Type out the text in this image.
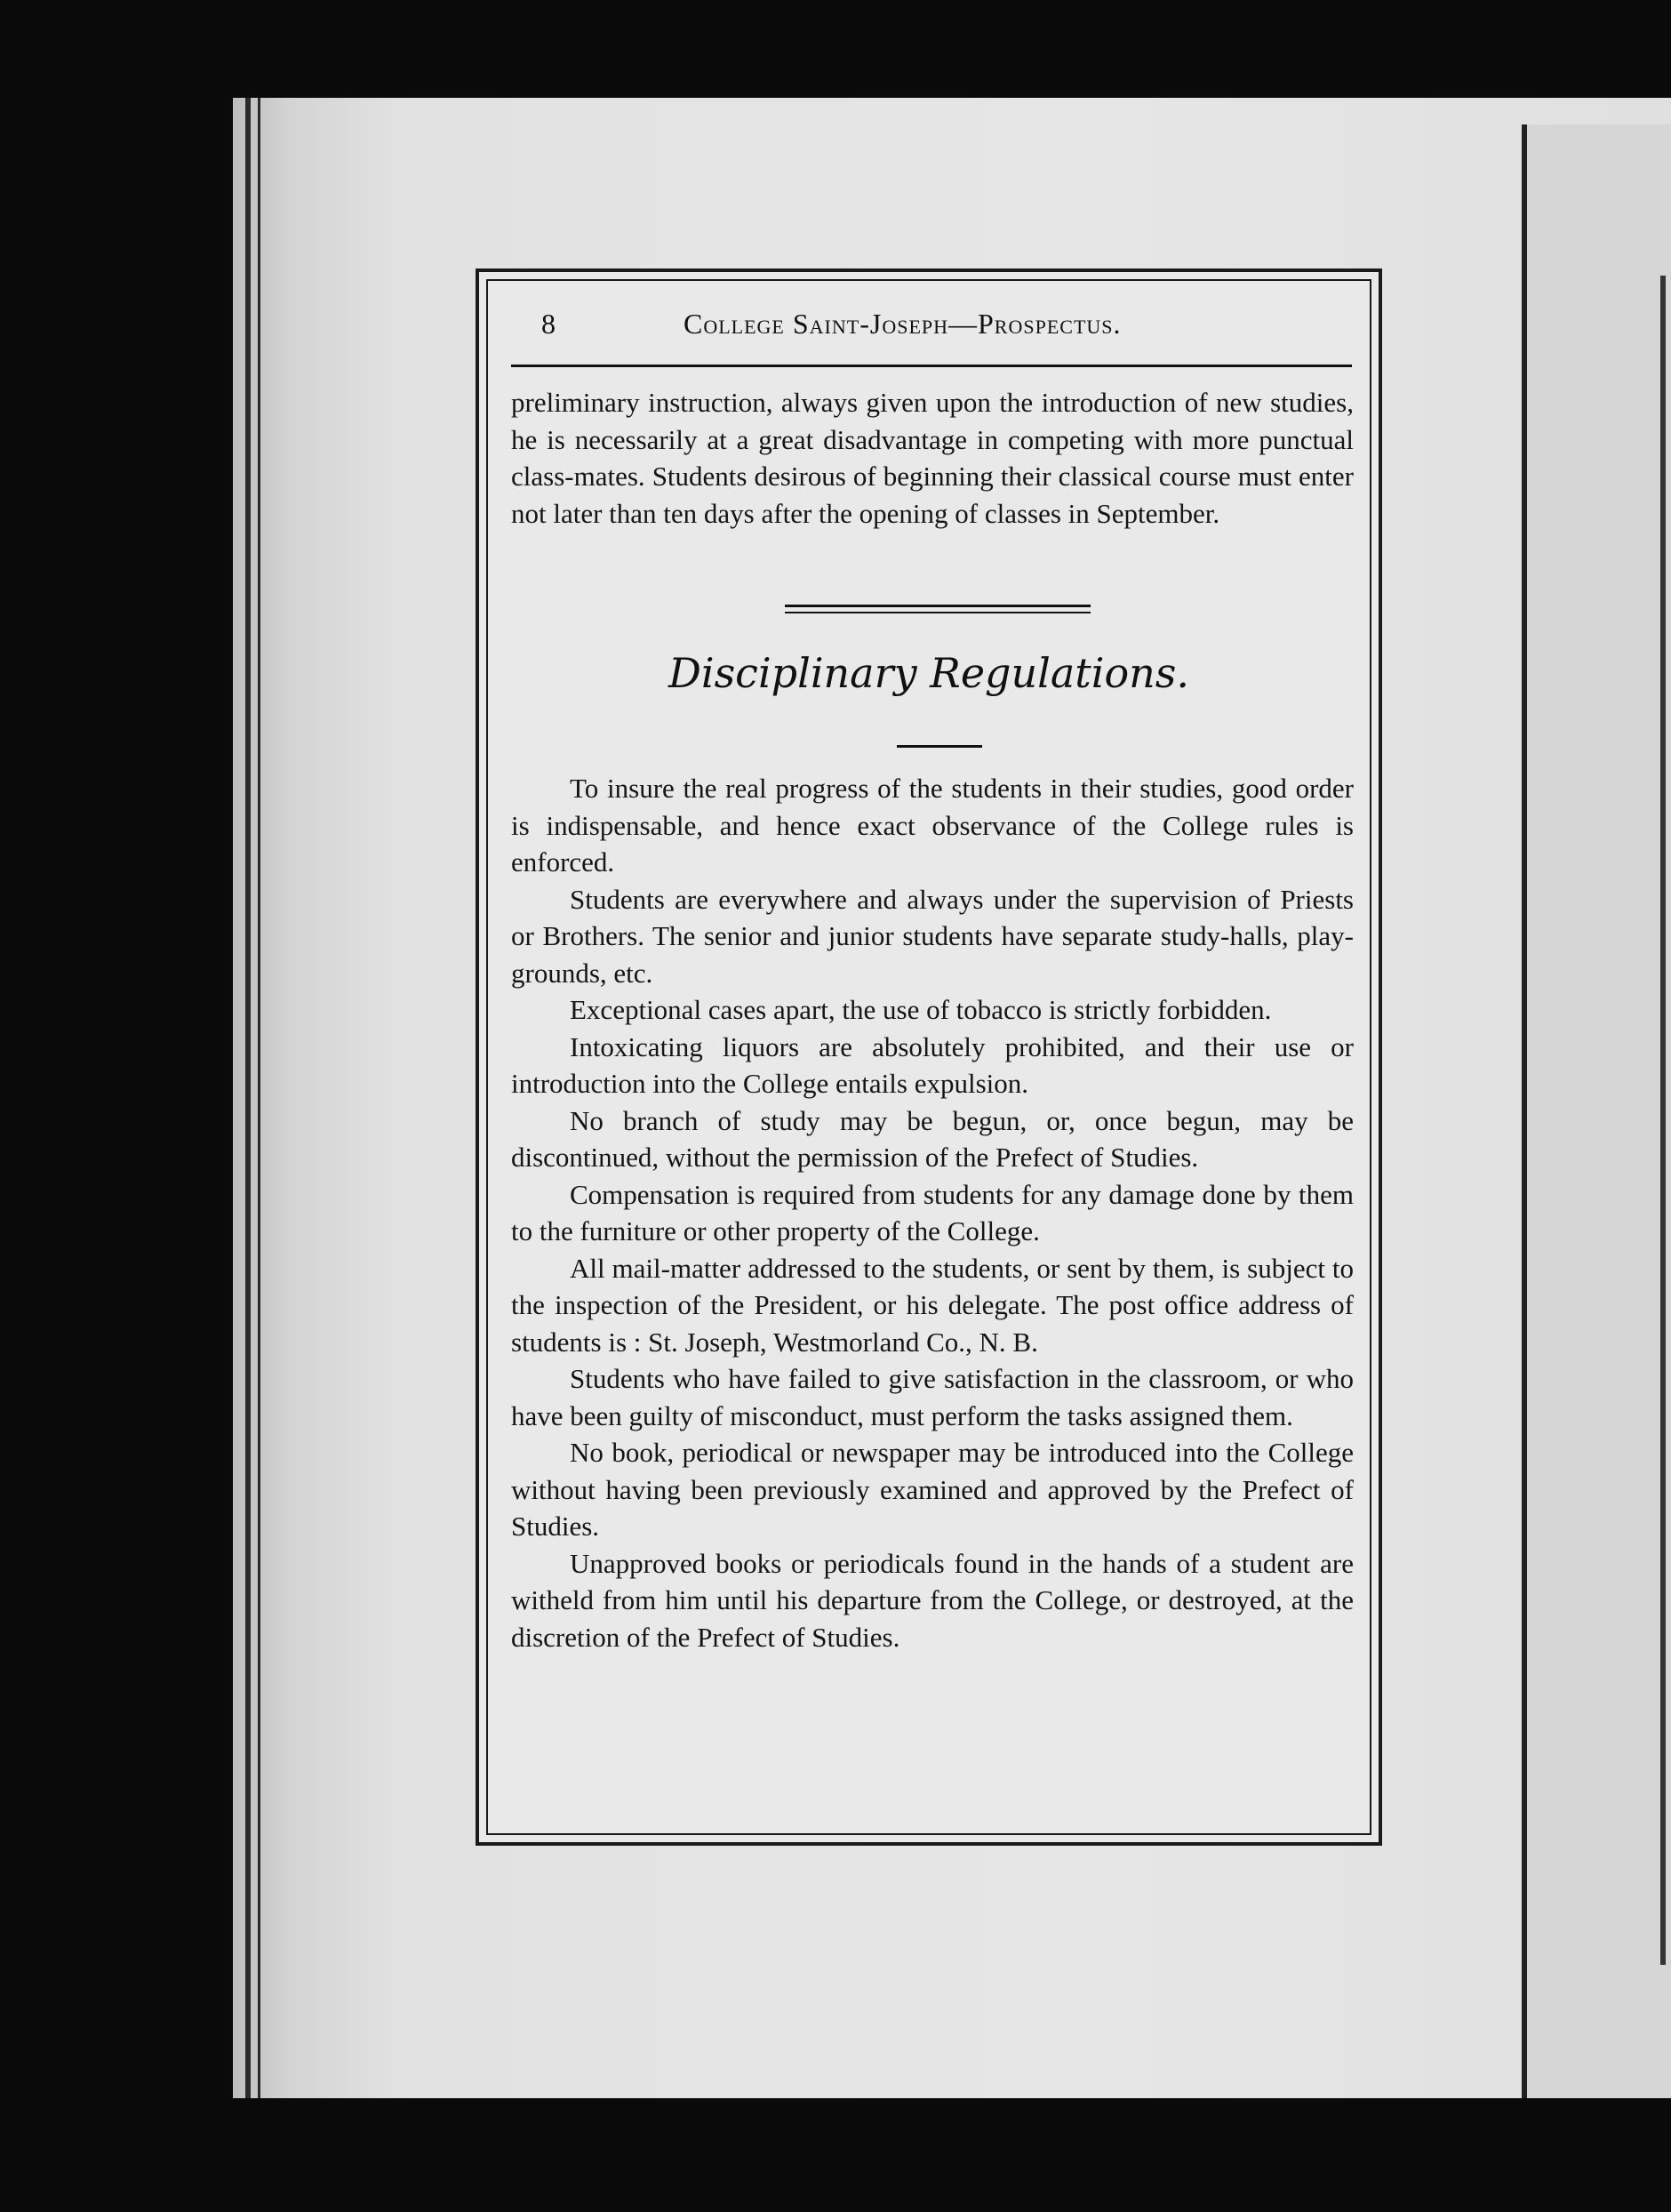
8	College Saint-Joseph—Prospectus.

preliminary instruction, always given upon the introduction of new studies, he is necessarily at a great disadvantage in competing with more punctual class-mates. Students desirous of beginning their classical course must enter not later than ten days after the opening of classes in September.

Disciplinary Regulations.

To insure the real progress of the students in their studies, good order is indispensable, and hence exact observance of the College rules is enforced.

Students are everywhere and always under the supervision of Priests or Brothers. The senior and junior students have separate study-halls, play-grounds, etc.

Exceptional cases apart, the use of tobacco is strictly forbidden.

Intoxicating liquors are absolutely prohibited, and their use or introduction into the College entails expulsion.

No branch of study may be begun, or, once begun, may be discontinued, without the permission of the Prefect of Studies.

Compensation is required from students for any damage done by them to the furniture or other property of the College.

All mail-matter addressed to the students, or sent by them, is subject to the inspection of the President, or his delegate. The post office address of students is : St. Joseph, Westmorland Co., N. B.

Students who have failed to give satisfaction in the classroom, or who have been guilty of misconduct, must perform the tasks assigned them.

No book, periodical or newspaper may be introduced into the College without having been previously examined and approved by the Prefect of Studies.

Unapproved books or periodicals found in the hands of a student are witheld from him until his departure from the College, or destroyed, at the discretion of the Prefect of Studies.
